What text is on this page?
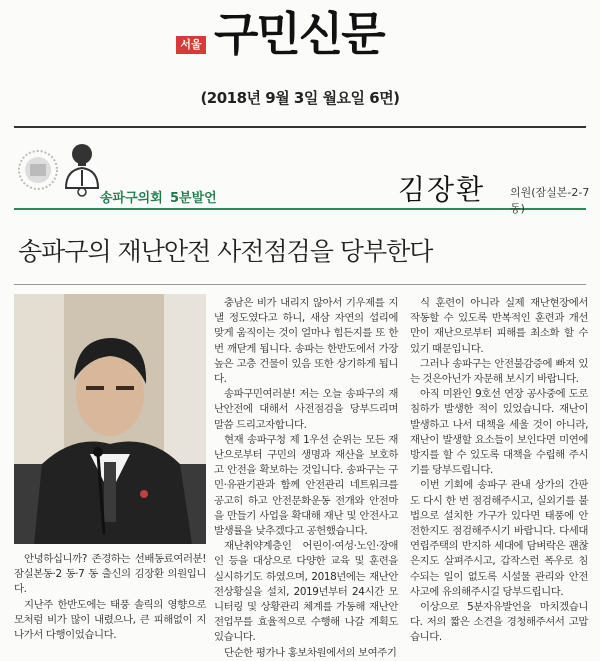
서울 구민신문
(2018년 9월 3일 월요일 6면)
송파구의회 5분발언	김장환 의원(잠실본-2-7동)
송파구의 재난안전 사전점검을 당부한다

안녕하십니까? 존경하는 선배동료여러분! 잠실본동·2 동·7 동 출신의 김장환 의원입니다.

지난주 한반도에는 태풍 솔릭의 영향으로 모처럼 비가 많이 내렸으나, 큰 피해없이 지나가서 다행이었습니다.

충남은 비가 내리지 않아서 기우제를 지낼 정도였다고 하니, 새삼 자연의 섭리에 맞게 움직이는 것이 얼마나 힘든지를 또 한번 깨닫게 됩니다. 송파는 한반도에서 가장 높은 고층 건물이 있음 또한 상기하게 됩니다.

송파구민여러분! 저는 오늘 송파구의 재난안전에 대해서 사전점검을 당부드리며 말씀 드리고자합니다.

현재 송파구청 제 1우선 순위는 모든 재난으로부터 구민의 생명과 재산을 보호하고 안전을 확보하는 것입니다. 송파구는 구민·유관기관과 함께 안전관리 네트워크를 공고히 하고 안전문화운동 전개와 안전마을 만들기 사업을 확대해 재난 및 안전사고 발생률을 낮추겠다고 공헌했습니다.

재난취약계층인 어린이·여성·노인·장애인 등을 대상으로 다양한 교육 및 훈련을 실시하기도 하였으며, 2018년에는 재난안전상황실을 설치, 2019년부터 24시간 모니터링 및 상황관리 체계를 가동해 재난안전업무를 효율적으로 수행해 나갈 계획도 있습니다.

단순한 평가나 홍보차원에서의 보여주기

식 훈련이 아니라 실제 재난현장에서 작동할 수 있도록 반복적인 훈련과 개선만이 재난으로부터 피해를 최소화 할 수 있기 때문입니다.

그러나 송파구는 안전불감증에 빠져 있는 것은아닌가 자문해 보시기 바랍니다.

아직 미완인 9호선 연장 공사중에 도로침하가 발생한 적이 있었습니다. 재난이 발생하고 나서 대책을 세울 것이 아니라, 재난이 발생할 요소들이 보인다면 미연에 방지를 할 수 있도록 대책을 수립해 주시기를 당부드립니다.

이번 기회에 송파구 관내 상가의 간판도 다시 한 번 점검해주시고, 실외기를 불법으로 설치한 가구가 있다면 태풍에 안전한지도 점검해주시기 바랍니다. 다세대 연립주택의 반지하 세대에 담벼락은 괜찮은지도 살펴주시고, 갑작스런 폭우로 침수되는 일이 없도록 시설물 관리와 안전사고에 유의해주시길 당부드립니다.

이상으로 5분자유발언을 마치겠습니다. 저의 짧은 소견을 경청해주셔서 고맙습니다.
